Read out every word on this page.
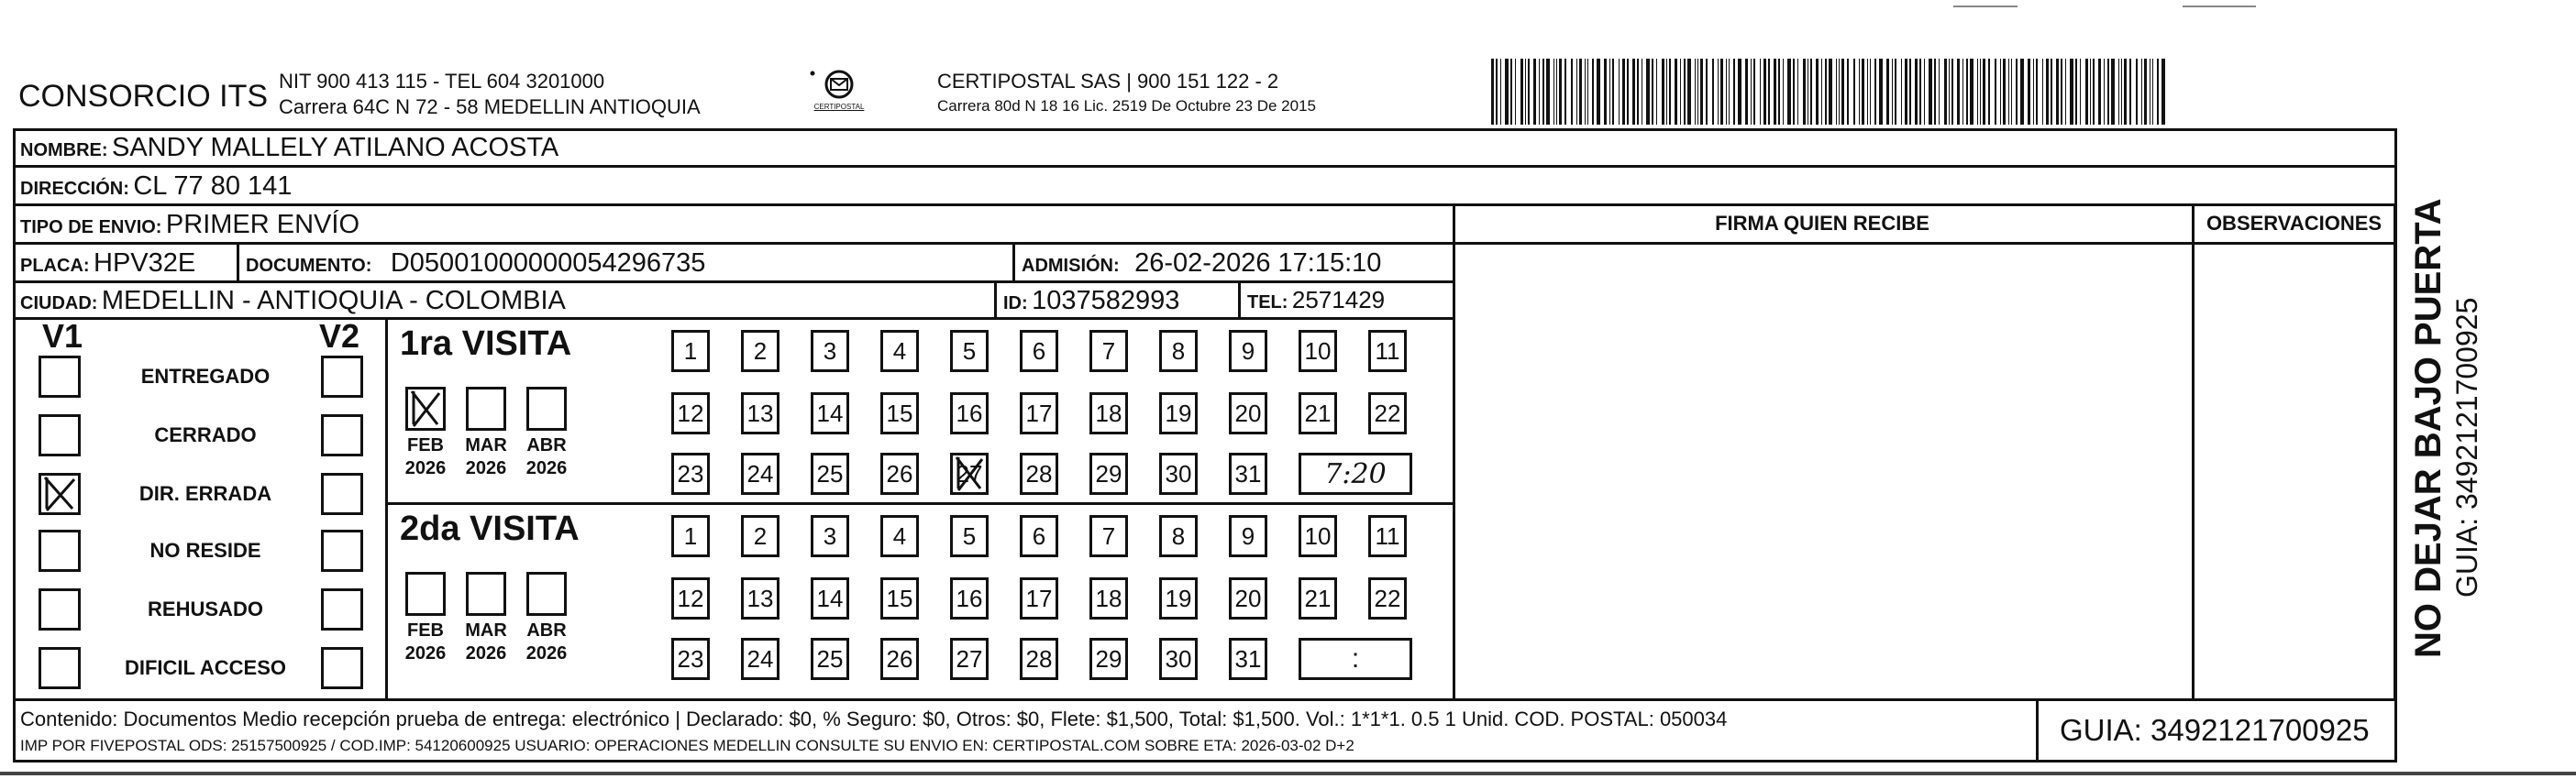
CONSORCIO ITS NIT 900 413 115 - TEL 604 3201000
Carrera 64C N 72 - 58 MEDELLIN ANTIOQUIA	CERTIPOSTAL
CERTIPOSTAL SAS | 900 151 122 - 2
Carrera 80d N 18 16 Lic. 2519 De Octubre 23 De 2015
NOMBRE: SANDY MALLELY ATILANO ACOSTA
DIRECCIÓN: CL 77 80 141
TIPO DE ENVIO: PRIMER ENVÍO
PLACA: HPV32E	DOCUMENTO: D05001000000054296735	ADMISIÓN: 26-02-2026 17:15:10
CIUDAD: MEDELLIN - ANTIOQUIA - COLOMBIA	ID: 1037582993	TEL: 2571429
FIRMA QUIEN RECIBE	OBSERVACIONES
V1	V2
ENTREGADO
CERRADO
DIR. ERRADA
NO RESIDE
REHUSADO
DIFICIL ACCESO
1ra VISITA
FEB
2026
MAR
2026
ABR
2026
1 2 3 4 5 6 7 8 9 10 11
12 13 14 15 16 17 18 19 20 21 22
23 24 25 26 27 28 29 30 31	7:20
2da VISITA
FEB
2026
MAR
2026
ABR
2026
1 2 3 4 5 6 7 8 9 10 11
12 13 14 15 16 17 18 19 20 21 22
23 24 25 26 27 28 29 30 31	:
Contenido: Documentos Medio recepción prueba de entrega: electrónico | Declarado: $0, % Seguro: $0, Otros: $0, Flete: $1,500, Total: $1,500. Vol.: 1*1*1. 0.5 1 Unid. COD. POSTAL: 050034
IMP POR FIVEPOSTAL ODS: 25157500925 / COD.IMP: 54120600925 USUARIO: OPERACIONES MEDELLIN CONSULTE SU ENVIO EN: CERTIPOSTAL.COM SOBRE ETA: 2026-03-02 D+2	GUIA: 3492121700925
NO DEJAR BAJO PUERTA GUIA: 3492121700925
